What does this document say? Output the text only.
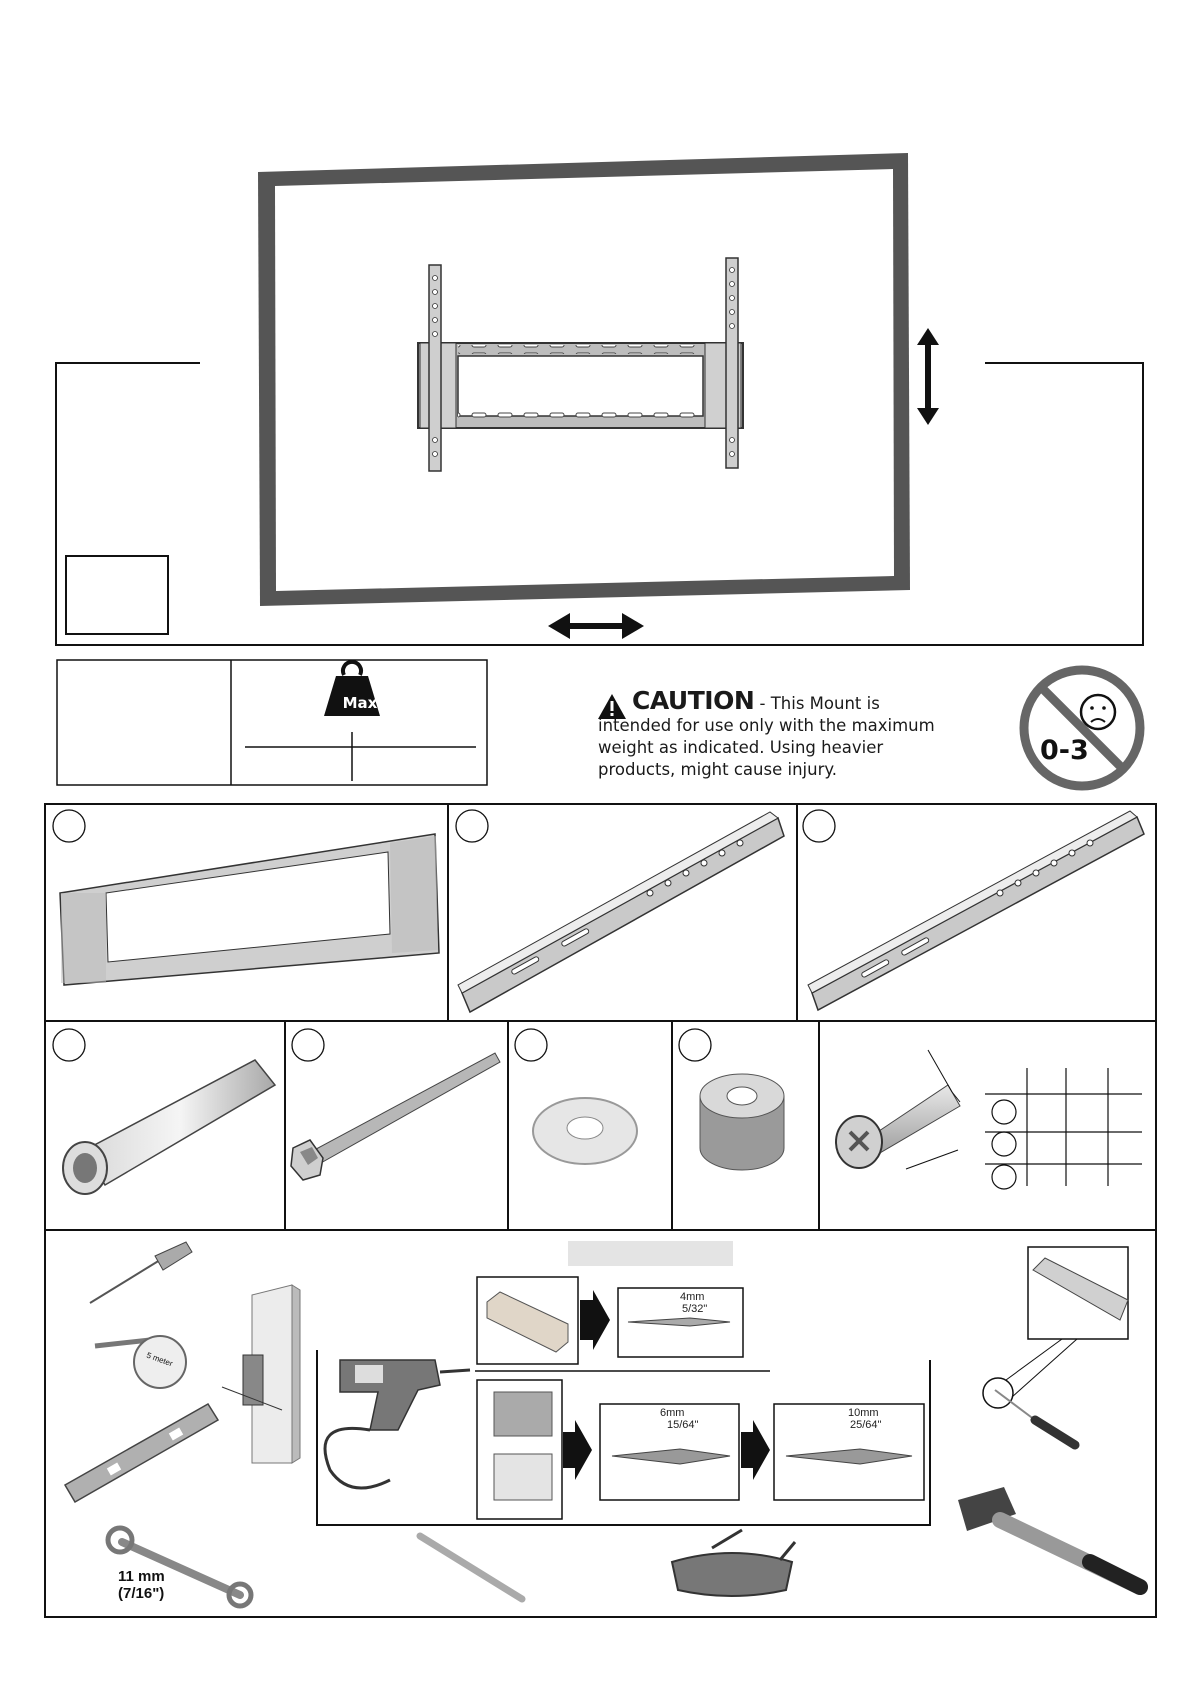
Max	CAUTION - This Mount is intended for use only with the maximum weight as indicated. Using heavier products, might cause injury.
0-3
4mm
5/32"
6mm
15/64"
10mm
25/64"
5 meter
11 mm
(7/16")
